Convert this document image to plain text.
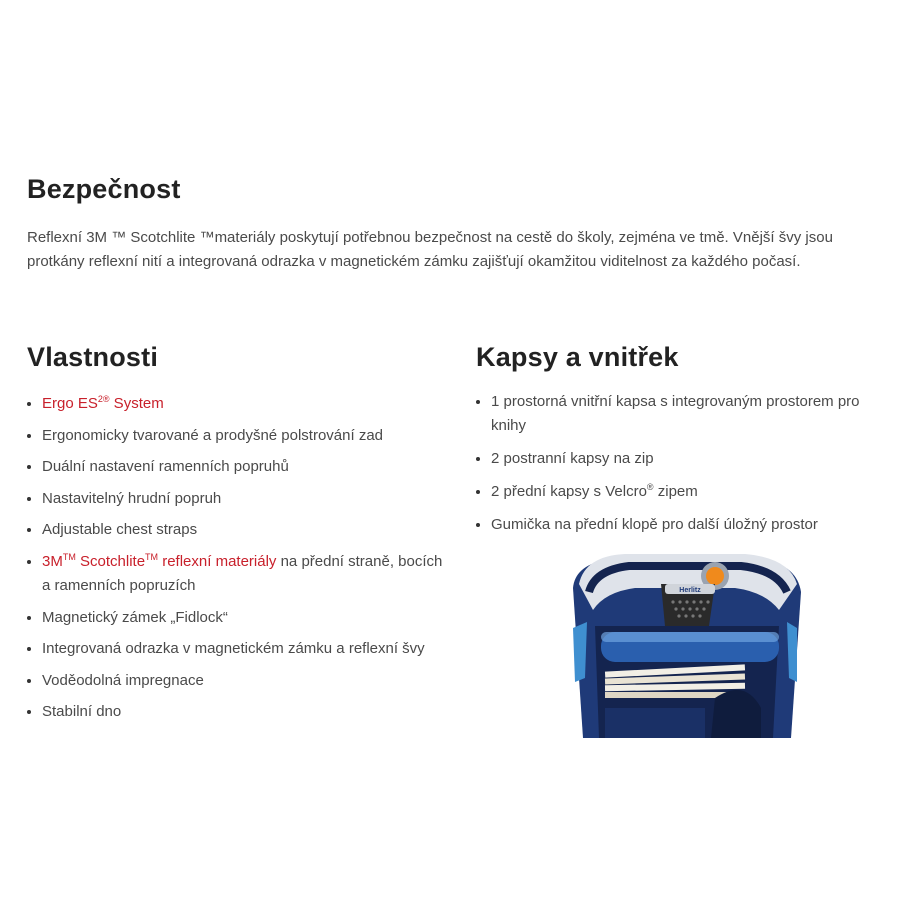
Bezpečnost

Reflexní 3M ™ Scotchlite ™materiály poskytují potřebnou bezpečnost na cestě do školy, zejména ve tmě. Vnější švy jsou protkány reflexní nití a integrovaná odrazka v magnetickém zámku zajišťují okamžitou viditelnost za každého počasí.

Vlastnosti
Ergo $ES^{2®}$ System
Ergonomicky tvarované a prodyšné polstrování zad
Duální nastavení ramenních popruhů
Nastavitelný hrudní popruh
Adjustable chest straps
3M™ Scotchlite™ reflexní materiály na přední straně, bocích a ramenních popruzích
Magnetický zámek „Fidlock“
Integrovaná odrazka v magnetickém zámku a reflexní švy
Voděodolná impregnace
Stabilní dno
Kapsy a vnitřek
1 prostorná vnitřní kapsa s integrovaným prostorem pro knihy
2 postranní kapsy na zip
2 přední kapsy s Velcro® zipem
Gumička na přední klopě pro další úložný prostor
Herlitz
